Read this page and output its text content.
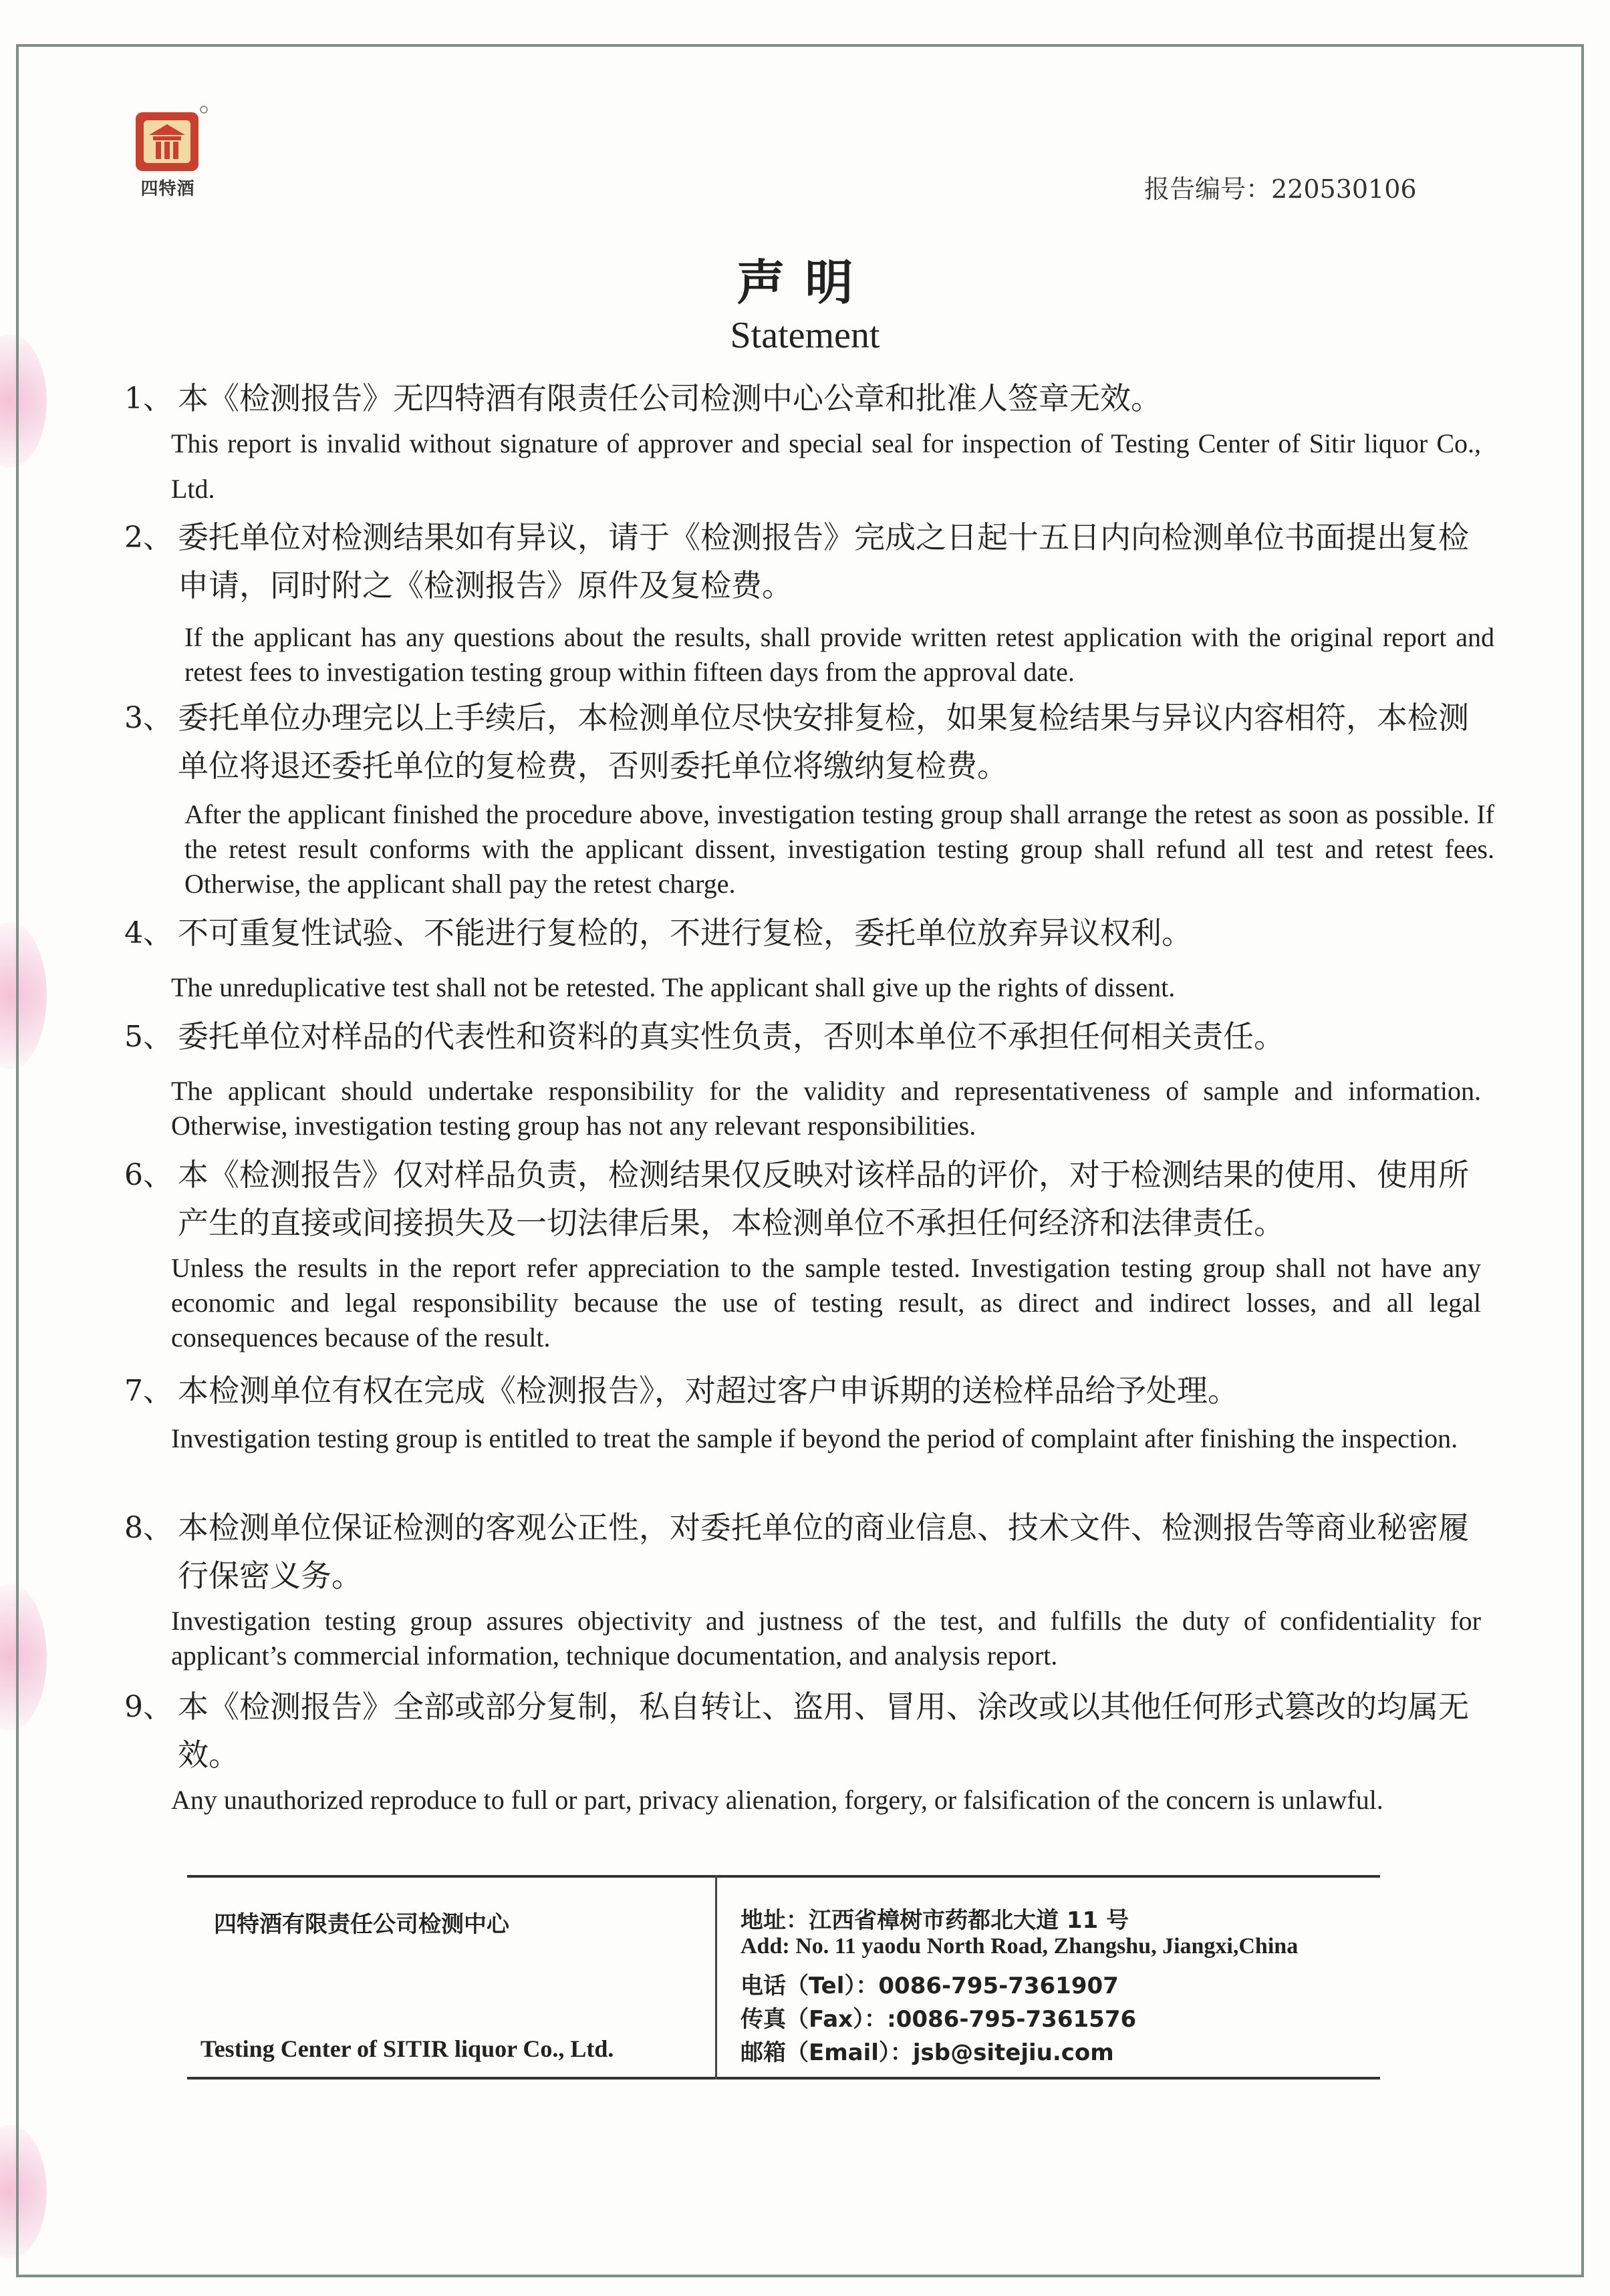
四特酒	报告编号：220530106
声明
Statement
1、 本《检测报告》无四特酒有限责任公司检测中心公章和批准人签章无效。
This report is invalid without signature of approver and special seal for inspection of Testing Center of Sitir liquor Co., Ltd.
2、 委托单位对检测结果如有异议，请于《检测报告》完成之日起十五日内向检测单位书面提出复检申请，同时附之《检测报告》原件及复检费。
If the applicant has any questions about the results, shall provide written retest application with the original report and retest fees to investigation testing group within fifteen days from the approval date.
3、 委托单位办理完以上手续后，本检测单位尽快安排复检，如果复检结果与异议内容相符，本检测单位将退还委托单位的复检费，否则委托单位将缴纳复检费。
After the applicant finished the procedure above, investigation testing group shall arrange the retest as soon as possible. If the retest result conforms with the applicant dissent, investigation testing group shall refund all test and retest fees. Otherwise, the applicant shall pay the retest charge.
4、 不可重复性试验、不能进行复检的，不进行复检，委托单位放弃异议权利。
The unreduplicative test shall not be retested. The applicant shall give up the rights of dissent.
5、 委托单位对样品的代表性和资料的真实性负责，否则本单位不承担任何相关责任。
The applicant should undertake responsibility for the validity and representativeness of sample and information. Otherwise, investigation testing group has not any relevant responsibilities.
6、 本《检测报告》仅对样品负责，检测结果仅反映对该样品的评价，对于检测结果的使用、使用所产生的直接或间接损失及一切法律后果，本检测单位不承担任何经济和法律责任。
Unless the results in the report refer appreciation to the sample tested. Investigation testing group shall not have any economic and legal responsibility because the use of testing result, as direct and indirect losses, and all legal consequences because of the result.
7、 本检测单位有权在完成《检测报告》，对超过客户申诉期的送检样品给予处理。
Investigation testing group is entitled to treat the sample if beyond the period of complaint after finishing the inspection.
8、 本检测单位保证检测的客观公正性，对委托单位的商业信息、技术文件、检测报告等商业秘密履行保密义务。
Investigation testing group assures objectivity and justness of the test, and fulfills the duty of confidentiality for applicant’s commercial information, technique documentation, and analysis report.
9、 本《检测报告》全部或部分复制，私自转让、盗用、冒用、涂改或以其他任何形式篡改的均属无效。
Any unauthorized reproduce to full or part, privacy alienation, forgery, or falsification of the concern is unlawful.
四特酒有限责任公司检测中心
Testing Center of SITIR liquor Co., Ltd.
地址：江西省樟树市药都北大道 11 号
Add: No. 11 yaodu North Road, Zhangshu, Jiangxi,China
电话（Tel）：0086-795-7361907
传真（Fax）：:0086-795-7361576
邮箱（Email）：jsb@sitejiu.com
